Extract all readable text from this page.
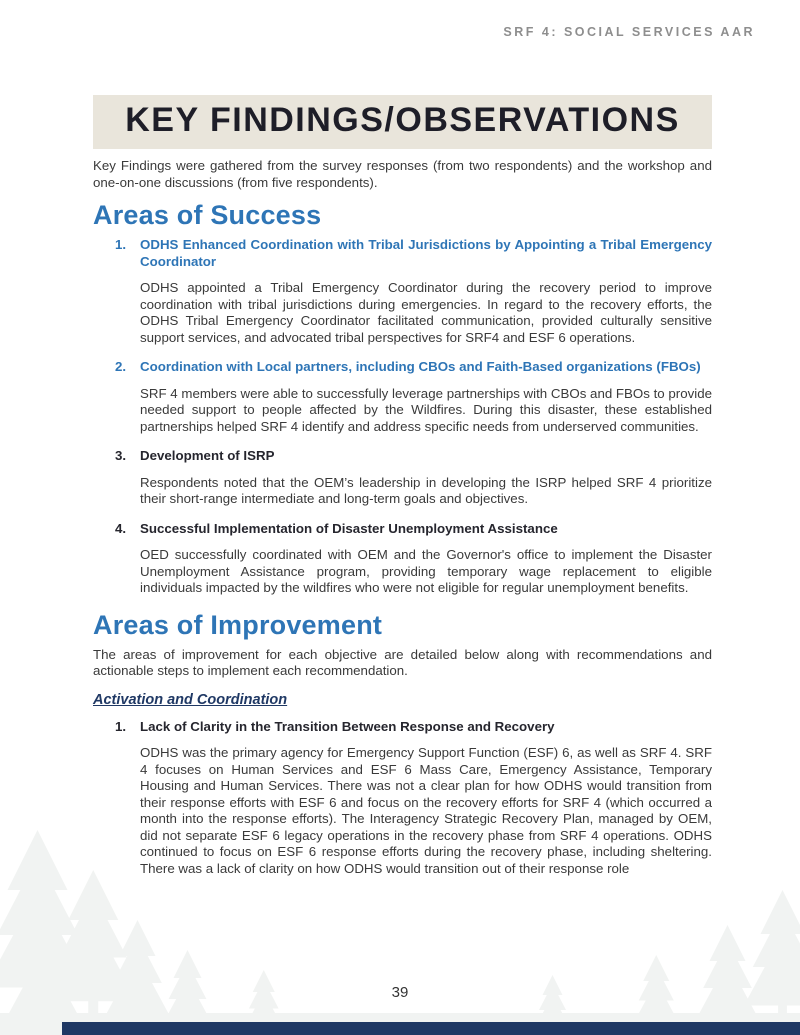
SRF 4: SOCIAL SERVICES AAR
KEY FINDINGS/OBSERVATIONS

Key Findings were gathered from the survey responses (from two respondents) and the workshop and one-on-one discussions (from five respondents).

Areas of Success
1.	ODHS Enhanced Coordination with Tribal Jurisdictions by Appointing a Tribal Emergency Coordinator

ODHS appointed a Tribal Emergency Coordinator during the recovery period to improve coordination with tribal jurisdictions during emergencies. In regard to the recovery efforts, the ODHS Tribal Emergency Coordinator facilitated communication, provided culturally sensitive support services, and advocated tribal perspectives for SRF4 and ESF 6 operations.

2.	Coordination with Local partners, including CBOs and Faith-Based organizations (FBOs)

SRF 4 members were able to successfully leverage partnerships with CBOs and FBOs to provide needed support to people affected by the Wildfires. During this disaster, these established partnerships helped SRF 4 identify and address specific needs from underserved communities.

3.	Development of ISRP

Respondents noted that the OEM’s leadership in developing the ISRP helped SRF 4 prioritize their short-range intermediate and long-term goals and objectives.

4.	Successful Implementation of Disaster Unemployment Assistance

OED successfully coordinated with OEM and the Governor's office to implement the Disaster Unemployment Assistance program, providing temporary wage replacement to eligible individuals impacted by the wildfires who were not eligible for regular unemployment benefits.

Areas of Improvement

The areas of improvement for each objective are detailed below along with recommendations and actionable steps to implement each recommendation.

Activation and Coordination
1.	Lack of Clarity in the Transition Between Response and Recovery

ODHS was the primary agency for Emergency Support Function (ESF) 6, as well as SRF 4. SRF 4 focuses on Human Services and ESF 6 Mass Care, Emergency Assistance, Temporary Housing and Human Services. There was not a clear plan for how ODHS would transition from their response efforts with ESF 6 and focus on the recovery efforts for SRF 4 (which occurred a month into the response efforts). The Interagency Strategic Recovery Plan, managed by OEM, did not separate ESF 6 legacy operations in the recovery phase from SRF 4 operations. ODHS continued to focus on ESF 6 response efforts during the recovery phase, including sheltering. There was a lack of clarity on how ODHS would transition out of their response role

39
